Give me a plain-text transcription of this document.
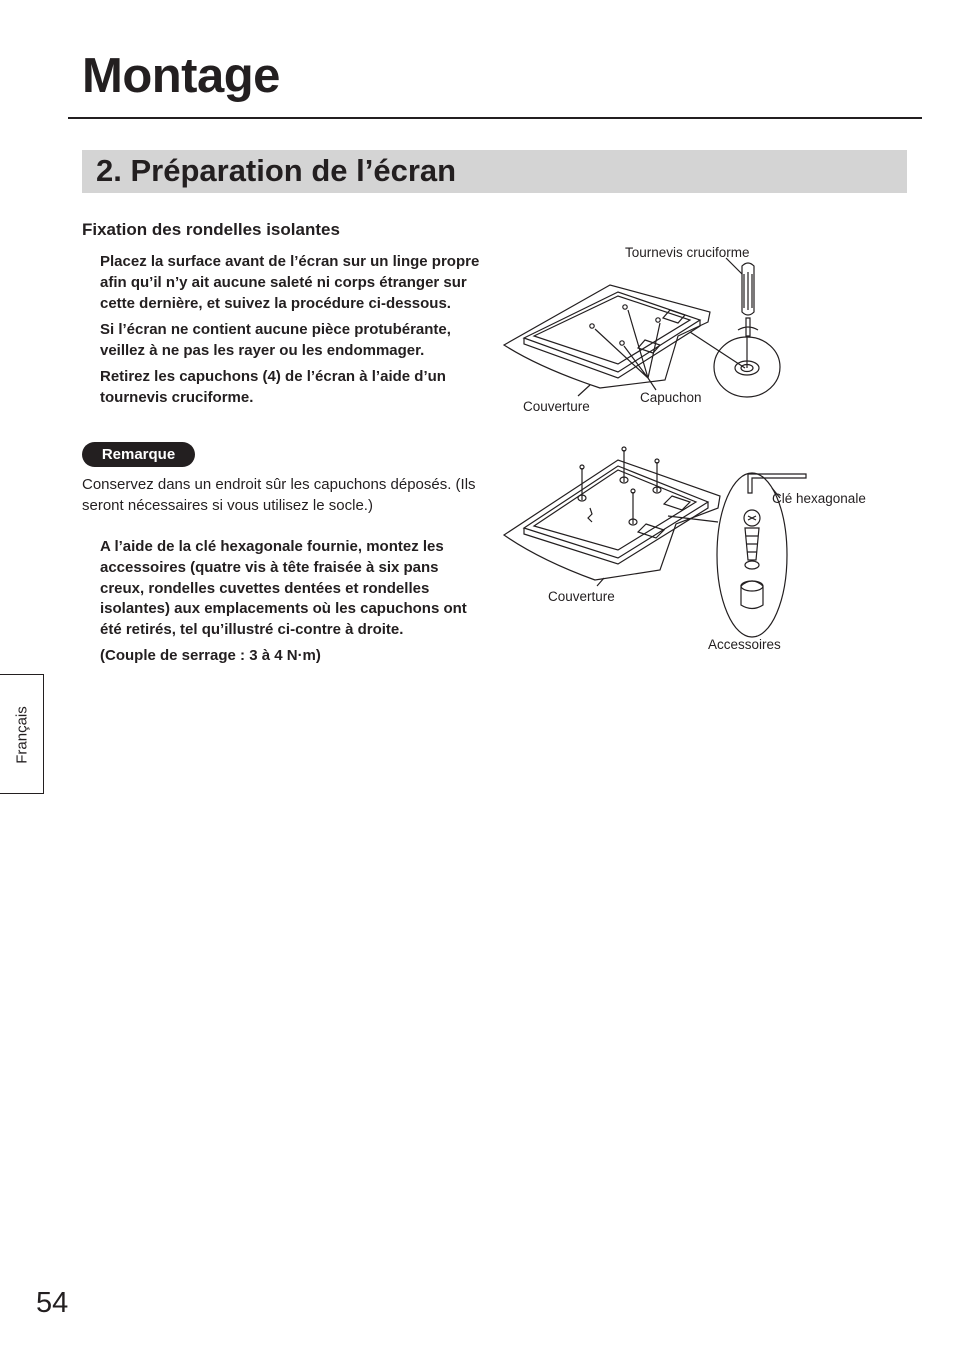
Montage
2. Préparation de l’écran
Fixation des rondelles isolantes

Placez la surface avant de l’écran sur un linge propre afin qu’il n’y ait aucune saleté ni corps étranger sur cette dernière, et suivez la procédure ci-dessous.

Si l’écran ne contient aucune pièce protubérante, veillez à ne pas les rayer ou les endommager.

Retirez les capuchons (4) de l’écran à l’aide d’un tournevis cruciforme.

Remarque

Conservez dans un endroit sûr les capuchons déposés. (Ils seront nécessaires si vous utilisez le socle.)

A l’aide de la clé hexagonale fournie, montez les accessoires (quatre vis à tête fraisée à six pans creux, rondelles cuvettes dentées et rondelles isolantes) aux emplacements où les capuchons ont été retirés, tel qu’illustré ci-contre à droite.

(Couple de serrage : 3 à 4 N·m)

Français

54

Tournevis cruciforme
Couverture
Capuchon
Clé hexagonale
Couverture
Accessoires
